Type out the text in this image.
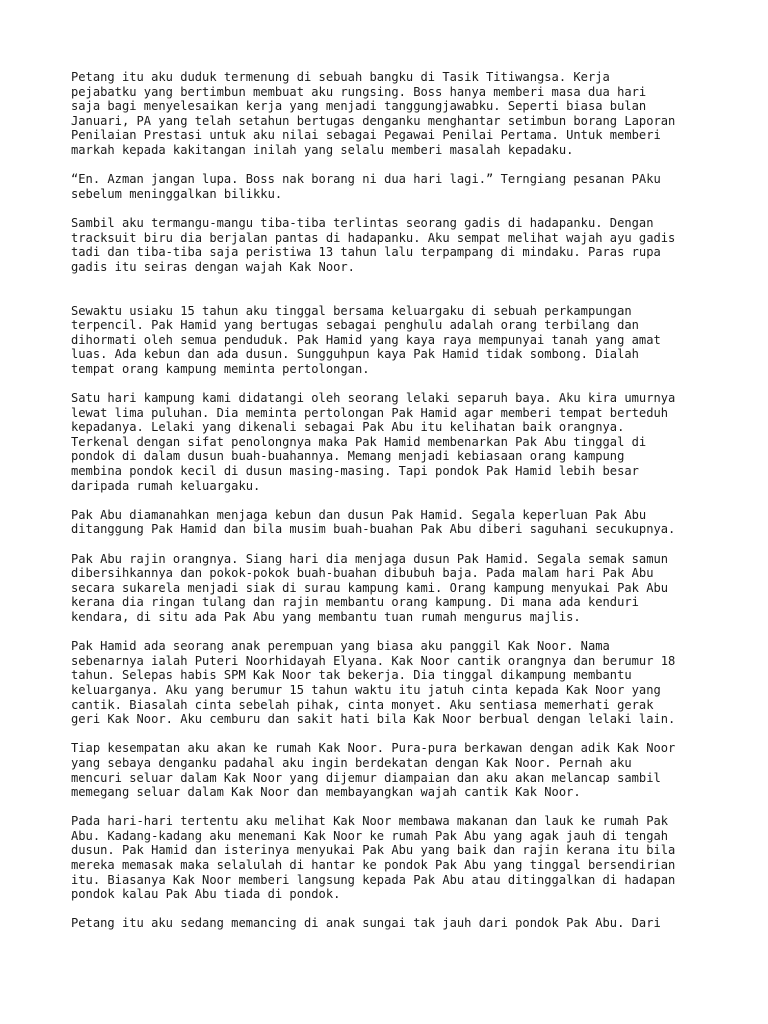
Petang itu aku duduk termenung di sebuah bangku di Tasik Titiwangsa. Kerja
pejabatku yang bertimbun membuat aku rungsing. Boss hanya memberi masa dua hari
saja bagi menyelesaikan kerja yang menjadi tanggungjawabku. Seperti biasa bulan
Januari, PA yang telah setahun bertugas denganku menghantar setimbun borang Laporan
Penilaian Prestasi untuk aku nilai sebagai Pegawai Penilai Pertama. Untuk memberi
markah kepada kakitangan inilah yang selalu memberi masalah kepadaku.

“En. Azman jangan lupa. Boss nak borang ni dua hari lagi.” Terngiang pesanan PAku
sebelum meninggalkan bilikku.

Sambil aku termangu-mangu tiba-tiba terlintas seorang gadis di hadapanku. Dengan
tracksuit biru dia berjalan pantas di hadapanku. Aku sempat melihat wajah ayu gadis
tadi dan tiba-tiba saja peristiwa 13 tahun lalu terpampang di mindaku. Paras rupa
gadis itu seiras dengan wajah Kak Noor.

Sewaktu usiaku 15 tahun aku tinggal bersama keluargaku di sebuah perkampungan
terpencil. Pak Hamid yang bertugas sebagai penghulu adalah orang terbilang dan
dihormati oleh semua penduduk. Pak Hamid yang kaya raya mempunyai tanah yang amat
luas. Ada kebun dan ada dusun. Sungguhpun kaya Pak Hamid tidak sombong. Dialah
tempat orang kampung meminta pertolongan.

Satu hari kampung kami didatangi oleh seorang lelaki separuh baya. Aku kira umurnya
lewat lima puluhan. Dia meminta pertolongan Pak Hamid agar memberi tempat berteduh
kepadanya. Lelaki yang dikenali sebagai Pak Abu itu kelihatan baik orangnya.
Terkenal dengan sifat penolongnya maka Pak Hamid membenarkan Pak Abu tinggal di
pondok di dalam dusun buah-buahannya. Memang menjadi kebiasaan orang kampung
membina pondok kecil di dusun masing-masing. Tapi pondok Pak Hamid lebih besar
daripada rumah keluargaku.

Pak Abu diamanahkan menjaga kebun dan dusun Pak Hamid. Segala keperluan Pak Abu
ditanggung Pak Hamid dan bila musim buah-buahan Pak Abu diberi saguhani secukupnya.

Pak Abu rajin orangnya. Siang hari dia menjaga dusun Pak Hamid. Segala semak samun
dibersihkannya dan pokok-pokok buah-buahan dibubuh baja. Pada malam hari Pak Abu
secara sukarela menjadi siak di surau kampung kami. Orang kampung menyukai Pak Abu
kerana dia ringan tulang dan rajin membantu orang kampung. Di mana ada kenduri
kendara, di situ ada Pak Abu yang membantu tuan rumah mengurus majlis.

Pak Hamid ada seorang anak perempuan yang biasa aku panggil Kak Noor. Nama
sebenarnya ialah Puteri Noorhidayah Elyana. Kak Noor cantik orangnya dan berumur 18
tahun. Selepas habis SPM Kak Noor tak bekerja. Dia tinggal dikampung membantu
keluarganya. Aku yang berumur 15 tahun waktu itu jatuh cinta kepada Kak Noor yang
cantik. Biasalah cinta sebelah pihak, cinta monyet. Aku sentiasa memerhati gerak
geri Kak Noor. Aku cemburu dan sakit hati bila Kak Noor berbual dengan lelaki lain.

Tiap kesempatan aku akan ke rumah Kak Noor. Pura-pura berkawan dengan adik Kak Noor
yang sebaya denganku padahal aku ingin berdekatan dengan Kak Noor. Pernah aku
mencuri seluar dalam Kak Noor yang dijemur diampaian dan aku akan melancap sambil
memegang seluar dalam Kak Noor dan membayangkan wajah cantik Kak Noor.

Pada hari-hari tertentu aku melihat Kak Noor membawa makanan dan lauk ke rumah Pak
Abu. Kadang-kadang aku menemani Kak Noor ke rumah Pak Abu yang agak jauh di tengah
dusun. Pak Hamid dan isterinya menyukai Pak Abu yang baik dan rajin kerana itu bila
mereka memasak maka selalulah di hantar ke pondok Pak Abu yang tinggal bersendirian
itu. Biasanya Kak Noor memberi langsung kepada Pak Abu atau ditinggalkan di hadapan
pondok kalau Pak Abu tiada di pondok.

Petang itu aku sedang memancing di anak sungai tak jauh dari pondok Pak Abu. Dari
